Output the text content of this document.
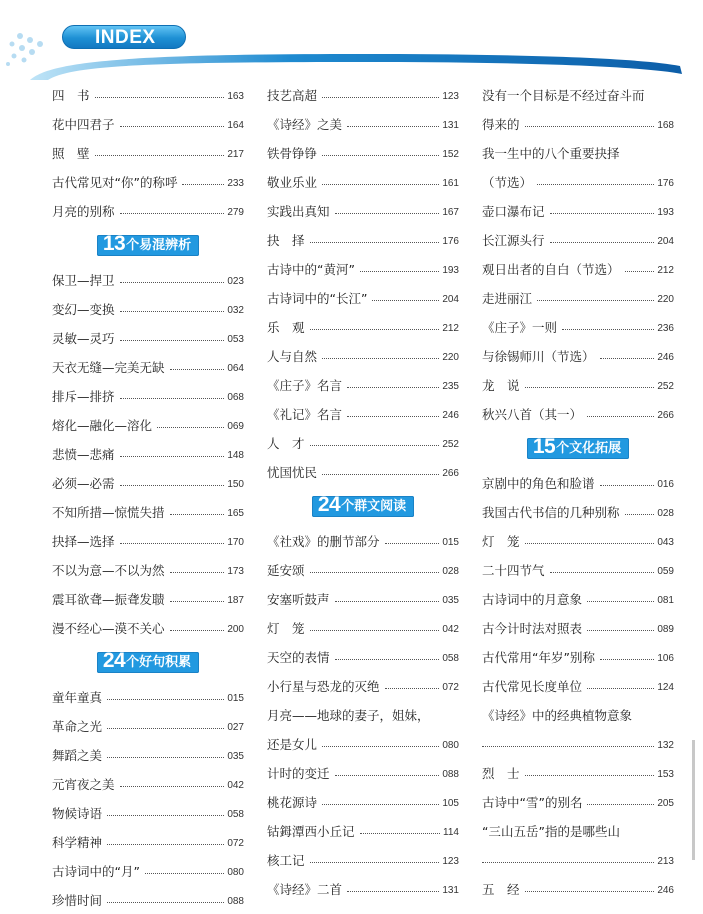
INDEX
四　书	163
花中四君子	164
照　壁	217
古代常见对“你”的称呼	233
月亮的别称	279
13 个易混辨析
保卫—捍卫	023
变幻—变换	032
灵敏—灵巧	053
天衣无缝—完美无缺	064
排斥—排挤	068
熔化—融化—溶化	069
悲愤—悲痛	148
必须—必需	150
不知所措—惊慌失措	165
抉择—选择	170
不以为意—不以为然	173
震耳欲聋—振聋发聩	187
漫不经心—漠不关心	200
24 个好句积累
童年童真	015
革命之光	027
舞蹈之美	035
元宵夜之美	042
物候诗语	058
科学精神	072
古诗词中的“月”	080
珍惜时间	088
技艺高超	123
《诗经》之美	131
铁骨铮铮	152
敬业乐业	161
实践出真知	167
抉　择	176
古诗中的“黄河”	193
古诗词中的“长江”	204
乐　观	212
人与自然	220
《庄子》名言	235
《礼记》名言	246
人　才	252
忧国忧民	266
24 个群文阅读
《社戏》的删节部分	015
延安颂	028
安塞听鼓声	035
灯　笼	042
天空的表情	058
小行星与恐龙的灭绝	072
月亮——地球的妻子，姐妹，
还是女儿	080
计时的变迁	088
桃花源诗	105
钴鉧潭西小丘记	114
核工记	123
《诗经》二首	131
没有一个目标是不经过奋斗而
得来的	168
我一生中的八个重要抉择
（节选）	176
壶口瀑布记	193
长江源头行	204
观日出者的自白（节选）	212
走进丽江	220
《庄子》一则	236
与徐锡师川（节选）	246
龙　说	252
秋兴八首（其一）	266
15 个文化拓展
京剧中的角色和脸谱	016
我国古代书信的几种别称	028
灯　笼	043
二十四节气	059
古诗词中的月意象	081
古今计时法对照表	089
古代常用“年岁”别称	106
古代常见长度单位	124
《诗经》中的经典植物意象
132
烈　士	153
古诗中“雪”的别名	205
“三山五岳”指的是哪些山
213
五　经	246
